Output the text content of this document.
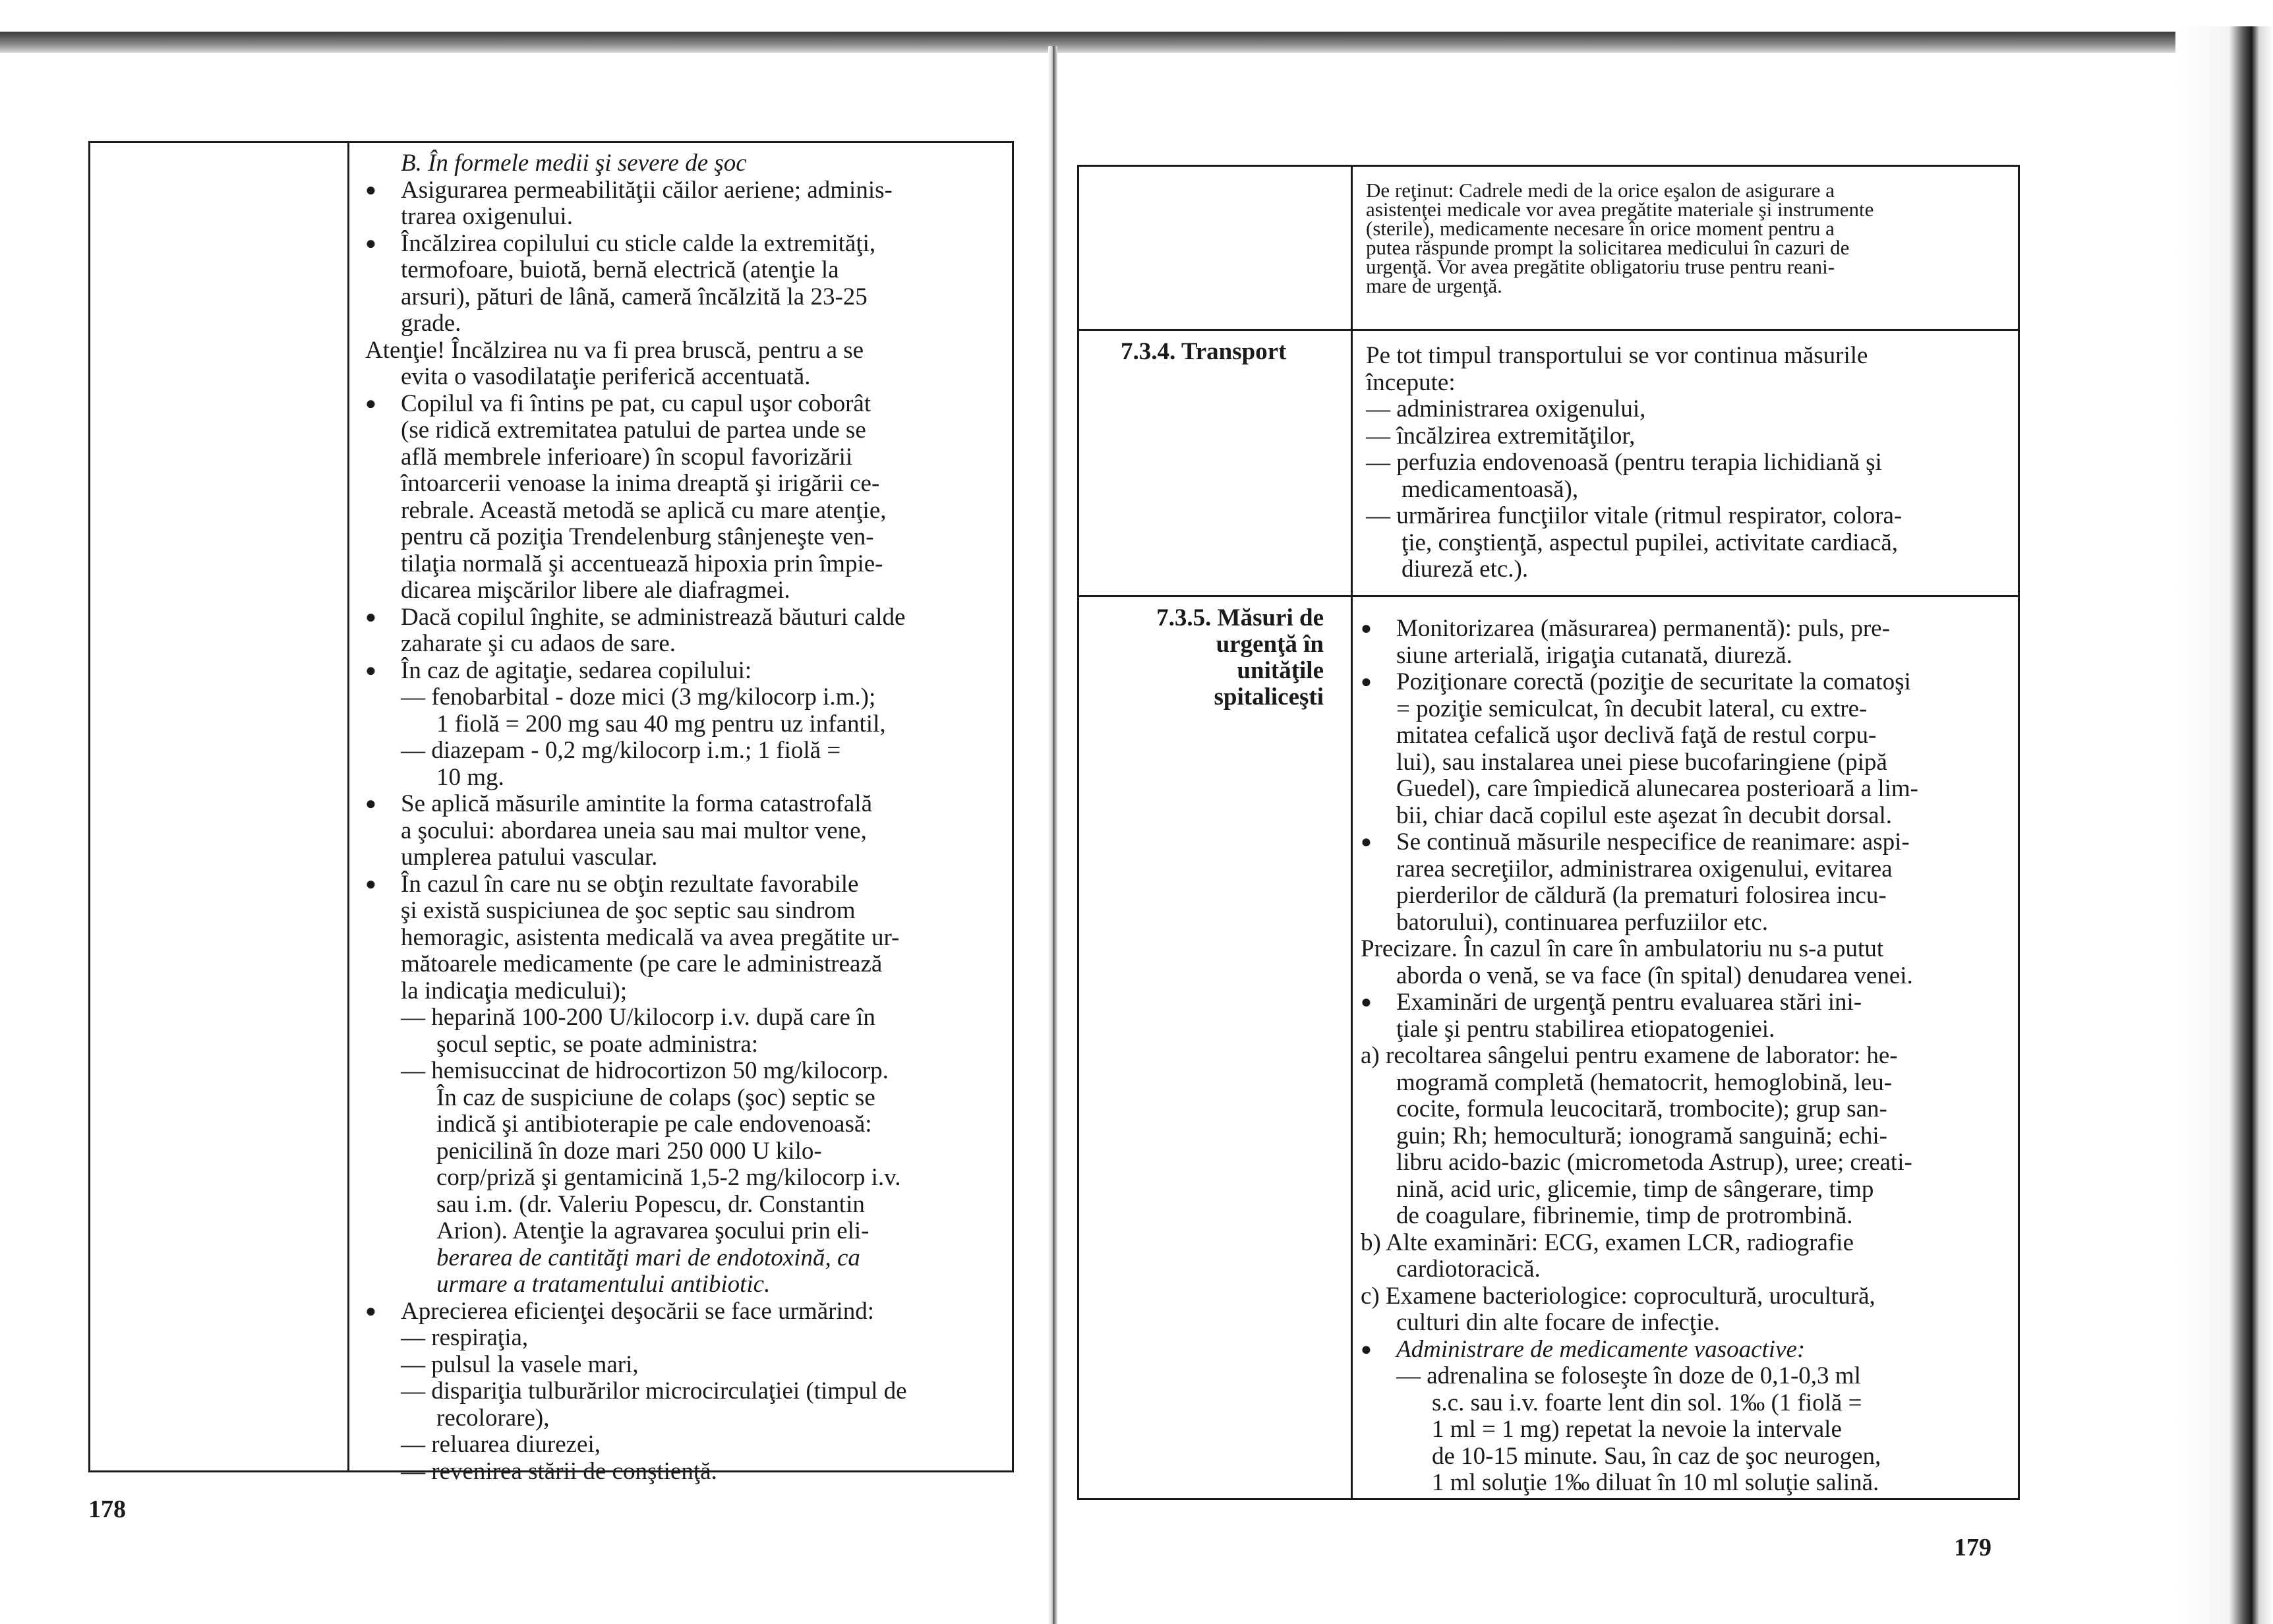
B. În formele medii şi severe de şoc
● Asigurarea permeabilităţii căilor aeriene; adminis-
trarea oxigenului.
● Încălzirea copilului cu sticle calde la extremităţi,
termofoare, buiotă, bernă electrică (atenţie la
arsuri), pături de lână, cameră încălzită la 23-25
grade.
Atenţie! Încălzirea nu va fi prea bruscă, pentru a se
evita o vasodilataţie periferică accentuată.
● Copilul va fi întins pe pat, cu capul uşor coborât
(se ridică extremitatea patului de partea unde se
află membrele inferioare) în scopul favorizării
întoarcerii venoase la inima dreaptă şi irigării ce-
rebrale. Această metodă se aplică cu mare atenţie,
pentru că poziţia Trendelenburg stânjeneşte ven-
tilaţia normală şi accentuează hipoxia prin împie-
dicarea mişcărilor libere ale diafragmei.
● Dacă copilul înghite, se administrează băuturi calde
zaharate şi cu adaos de sare.
● În caz de agitaţie, sedarea copilului:
— fenobarbital - doze mici (3 mg/kilocorp i.m.);
1 fiolă = 200 mg sau 40 mg pentru uz infantil,
— diazepam - 0,2 mg/kilocorp i.m.; 1 fiolă =
10 mg.
● Se aplică măsurile amintite la forma catastrofală
a şocului: abordarea uneia sau mai multor vene,
umplerea patului vascular.
● În cazul în care nu se obţin rezultate favorabile
şi există suspiciunea de şoc septic sau sindrom
hemoragic, asistenta medicală va avea pregătite ur-
mătoarele medicamente (pe care le administrează
la indicaţia medicului);
— heparină 100-200 U/kilocorp i.v. după care în
şocul septic, se poate administra:
— hemisuccinat de hidrocortizon 50 mg/kilocorp.
În caz de suspiciune de colaps (şoc) septic se
indică şi antibioterapie pe cale endovenoasă:
penicilină în doze mari 250 000 U kilo-
corp/priză şi gentamicină 1,5-2 mg/kilocorp i.v.
sau i.m. (dr. Valeriu Popescu, dr. Constantin
Arion). Atenţie la agravarea şocului prin eli-
berarea de cantităţi mari de endotoxină, ca
urmare a tratamentului antibiotic.
● Aprecierea eficienţei deşocării se face urmărind:
— respiraţia,
— pulsul la vasele mari,
— dispariţia tulburărilor microcirculaţiei (timpul de
recolorare),
— reluarea diurezei,
— revenirea stării de conştienţă.
178
De reţinut: Cadrele medi de la orice eşalon de asigurare a
asistenţei medicale vor avea pregătite materiale şi instrumente
(sterile), medicamente necesare în orice moment pentru a
putea răspunde prompt la solicitarea medicului în cazuri de
urgenţă. Vor avea pregătite obligatoriu truse pentru reani-
mare de urgenţă.
7.3.4. Transport	Pe tot timpul transportului se vor continua măsurile
începute:
— administrarea oxigenului,
— încălzirea extremităţilor,
— perfuzia endovenoasă (pentru terapia lichidiană şi
medicamentoasă),
— urmărirea funcţiilor vitale (ritmul respirator, colora-
ţie, conştienţă, aspectul pupilei, activitate cardiacă,
diureză etc.).
7.3.5. Măsuri de
urgenţă în
unităţile
spitaliceşti
● Monitorizarea (măsurarea) permanentă): puls, pre-
siune arterială, irigaţia cutanată, diureză.
● Poziţionare corectă (poziţie de securitate la comatoşi
= poziţie semiculcat, în decubit lateral, cu extre-
mitatea cefalică uşor declivă faţă de restul corpu-
lui), sau instalarea unei piese bucofaringiene (pipă
Guedel), care împiedică alunecarea posterioară a lim-
bii, chiar dacă copilul este aşezat în decubit dorsal.
● Se continuă măsurile nespecifice de reanimare: aspi-
rarea secreţiilor, administrarea oxigenului, evitarea
pierderilor de căldură (la prematuri folosirea incu-
batorului), continuarea perfuziilor etc.
Precizare. În cazul în care în ambulatoriu nu s-a putut
aborda o venă, se va face (în spital) denudarea venei.
● Examinări de urgenţă pentru evaluarea stări ini-
ţiale şi pentru stabilirea etiopatogeniei.
a) recoltarea sângelui pentru examene de laborator: he-
mogramă completă (hematocrit, hemoglobină, leu-
cocite, formula leucocitară, trombocite); grup san-
guin; Rh; hemocultură; ionogramă sanguină; echi-
libru acido-bazic (micrometoda Astrup), uree; creati-
nină, acid uric, glicemie, timp de sângerare, timp
de coagulare, fibrinemie, timp de protrombină.
b) Alte examinări: ECG, examen LCR, radiografie
cardiotoracică.
c) Examene bacteriologice: coprocultură, urocultură,
culturi din alte focare de infecţie.
● Administrare de medicamente vasoactive:
— adrenalina se foloseşte în doze de 0,1-0,3 ml
s.c. sau i.v. foarte lent din sol. 1‰ (1 fiolă =
1 ml = 1 mg) repetat la nevoie la intervale
de 10-15 minute. Sau, în caz de şoc neurogen,
1 ml soluţie 1‰ diluat în 10 ml soluţie salină.
179
